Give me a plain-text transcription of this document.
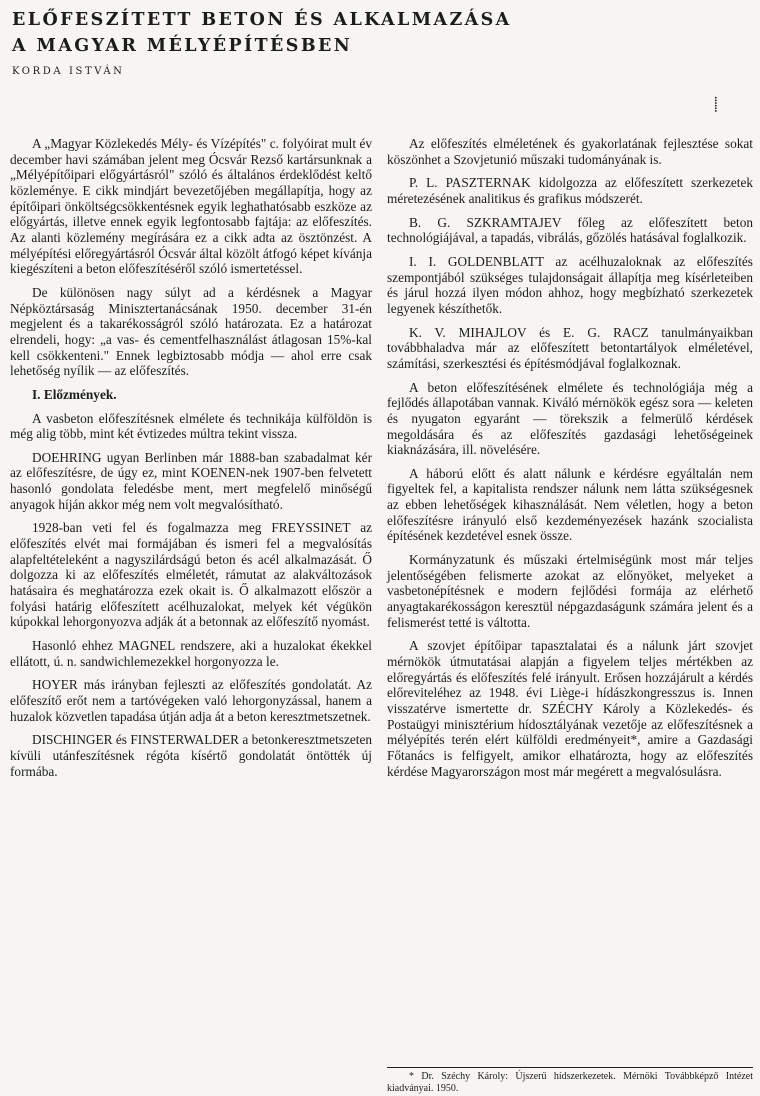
ELŐFESZÍTETT BETON ÉS ALKALMAZÁSA
A MAGYAR MÉLYÉPÍTÉSBEN
KORDA ISTVÁN
⸽

A „Magyar Közlekedés Mély- és Vízépítés" c. folyóirat mult év december havi számában jelent meg Ócsvár Rezső kartársunknak a „Mélyépítőipari előgyártásról" szóló és általános érdeklődést keltő közleménye. E cikk mindjárt bevezetőjében megállapítja, hogy az építőipari önköltségcsökkentésnek egyik leghathatósabb eszköze az előgyártás, illetve ennek egyik legfontosabb fajtája: az előfeszítés. Az alanti közlemény megírására ez a cikk adta az ösztönzést. A mélyépítési előregyártásról Ócsvár által közölt átfogó képet kívánja kiegészíteni a beton előfeszítéséről szóló ismertetéssel.

De különösen nagy súlyt ad a kérdésnek a Magyar Népköztársaság Minisztertanácsának 1950. december 31-én megjelent és a takarékosságról szóló határozata. Ez a határozat elrendeli, hogy: „a vas- és cementfelhasználást átlagosan 15%-kal kell csökkenteni." Ennek legbiztosabb módja — ahol erre csak lehetőség nyílik — az előfeszítés.

I. Előzmények.

A vasbeton előfeszítésnek elmélete és technikája külföldön is még alig több, mint két évtizedes múltra tekint vissza.

DOEHRING ugyan Berlinben már 1888-ban szabadalmat kér az előfeszítésre, de úgy ez, mint KOENEN-nek 1907-ben felvetett hasonló gondolata feledésbe ment, mert megfelelő minőségű anyagok híján akkor még nem volt megvalósítható.

1928-ban veti fel és fogalmazza meg FREYSSINET az előfeszítés elvét mai formájában és ismeri fel a megvalósítás alapfeltételeként a nagyszilárdságú beton és acél alkalmazását. Ő dolgozza ki az előfeszítés elméletét, rámutat az alakváltozások hatásaira és meghatározza ezek okait is. Ő alkalmazott először a folyási határig előfeszített acélhuzalokat, melyek két végükön kúpokkal lehorgonyozva adják át a betonnak az előfeszítő nyomást.

Hasonló ehhez MAGNEL rendszere, aki a huzalokat ékekkel ellátott, ú. n. sandwichlemezekkel horgonyozza le.

HOYER más irányban fejleszti az előfeszítés gondolatát. Az előfeszítő erőt nem a tartóvégeken való lehorgonyzással, hanem a huzalok közvetlen tapadása útján adja át a beton keresztmetszetnek.

DISCHINGER és FINSTERWALDER a betonkeresztmetszeten kívüli utánfeszítésnek régóta kísértő gondolatát öntötték új formába.

Az előfeszítés elméletének és gyakorlatának fejlesztése sokat köszönhet a Szovjetunió műszaki tudományának is.

P. L. PASZTERNAK kidolgozza az előfeszített szerkezetek méretezésének analitikus és grafikus módszerét.

B. G. SZKRAMTAJEV főleg az előfeszített beton technológiájával, a tapadás, vibrálás, gőzölés hatásával foglalkozik.

I. I. GOLDENBLATT az acélhuzaloknak az előfeszítés szempontjából szükséges tulajdonságait állapítja meg kísérleteiben és járul hozzá ilyen módon ahhoz, hogy megbízható szerkezetek legyenek készíthetők.

K. V. MIHAJLOV és E. G. RACZ tanulmányaikban továbbhaladva már az előfeszített betontartályok elméletével, számítási, szerkesztési és építésmódjával foglalkoznak.

A beton előfeszítésének elmélete és technológiája még a fejlődés állapotában vannak. Kiváló mérnökök egész sora — keleten és nyugaton egyaránt — törekszik a felmerülő kérdések megoldására és az előfeszítés gazdasági lehetőségeinek kiaknázására, ill. növelésére.

A háború előtt és alatt nálunk e kérdésre egyáltalán nem figyeltek fel, a kapitalista rendszer nálunk nem látta szükségesnek az ebben lehetőségek kihasználását. Nem véletlen, hogy a beton előfeszítésre irányuló első kezdeményezések hazánk szocialista építésének kezdetével esnek össze.

Kormányzatunk és műszaki értelmiségünk most már teljes jelentőségében felismerte azokat az előnyöket, melyeket a vasbetonépítésnek e modern fejlődési formája az elérhető anyagtakarékosságon keresztül népgazdaságunk számára jelent és a felismerést tetté is váltotta.

A szovjet építőipar tapasztalatai és a nálunk járt szovjet mérnökök útmutatásai alapján a figyelem teljes mértékben az előregyártás és előfeszítés felé irányult. Erősen hozzájárult a kérdés előreviteléhez az 1948. évi Liège-i hídászkongresszus is. Innen visszatérve ismertette dr. SZÉCHY Károly a Közlekedés- és Postaügyi minisztérium hídosztályának vezetője az előfeszítésnek a mélyépítés terén elért külföldi eredményeit*, amire a Gazdasági Főtanács is felfigyelt, amikor elhatározta, hogy az előfeszítés kérdése Magyarországon most már megérett a megvalósulásra.

* Dr. Széchy Károly: Újszerű hídszerkezetek. Mérnöki Továbbképző Intézet kiadványai. 1950.
